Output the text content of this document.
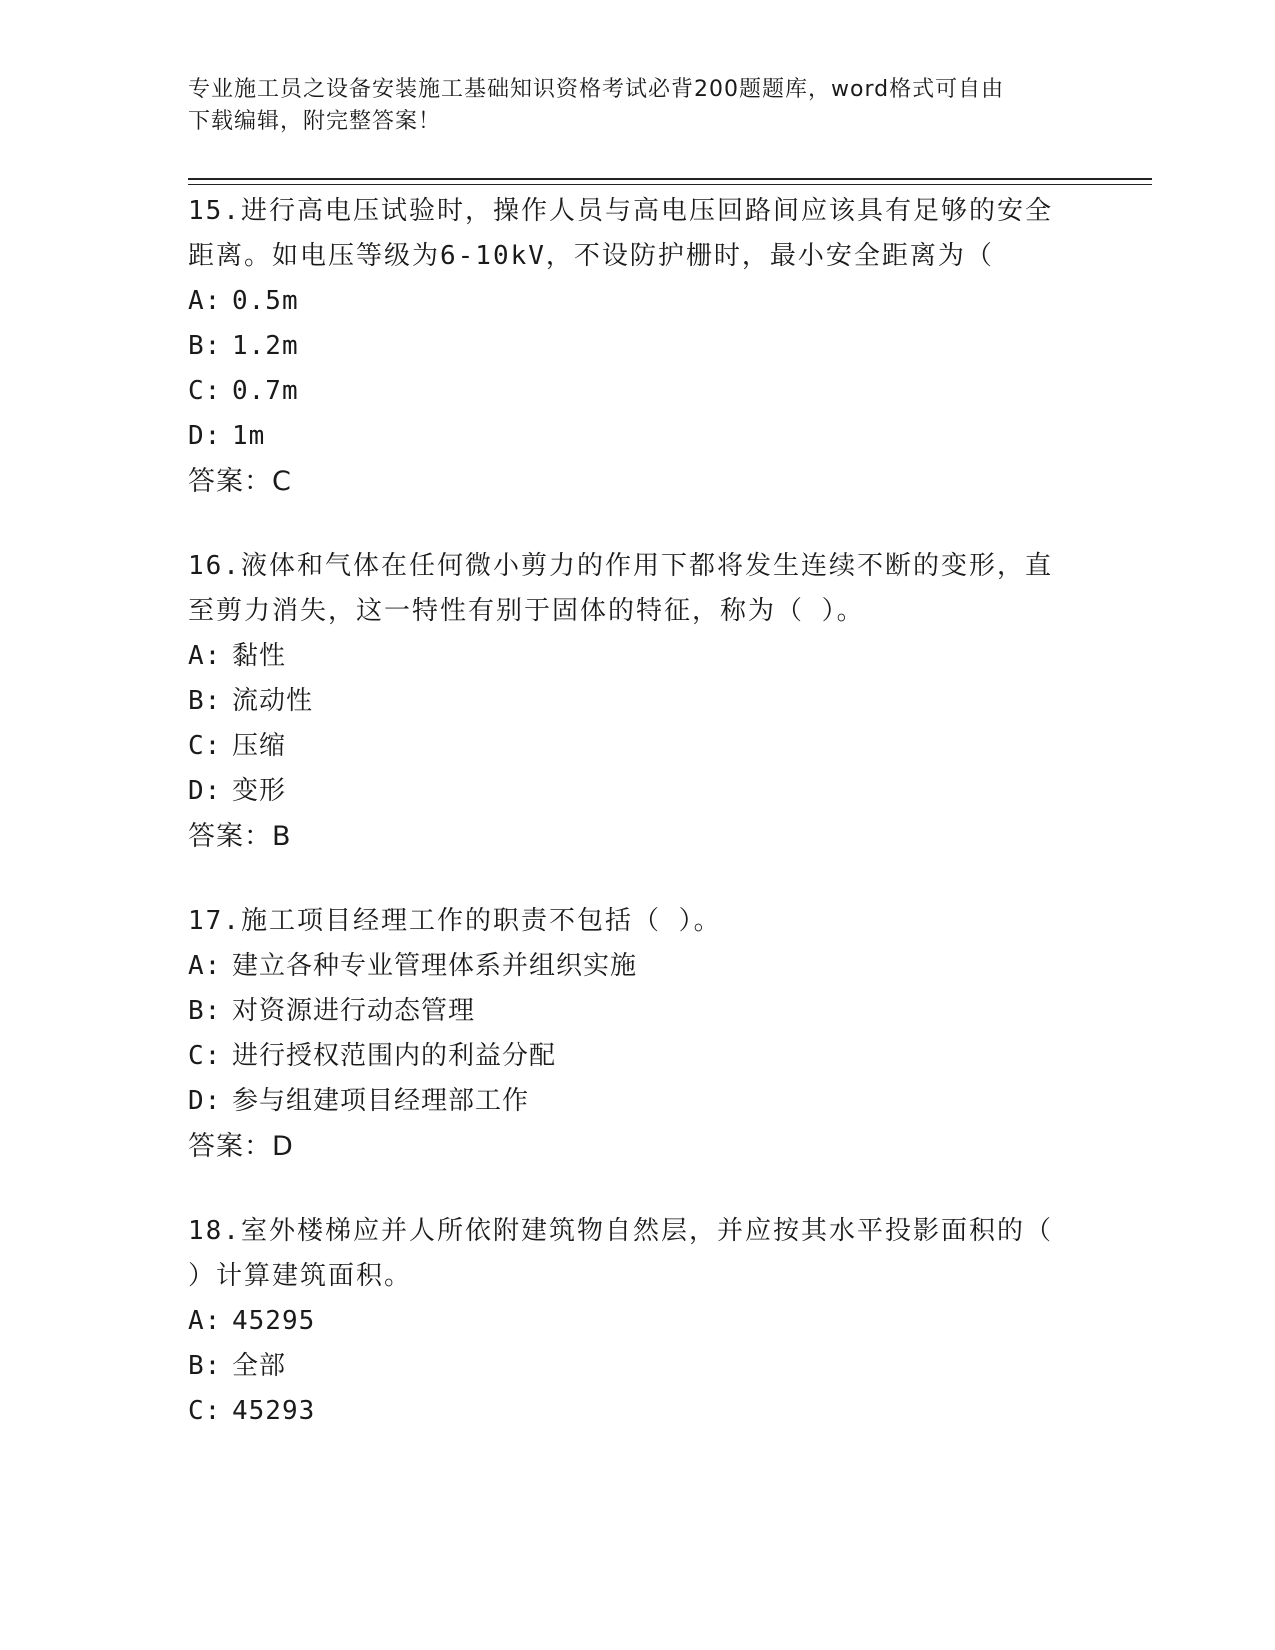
专业施工员之设备安装施工基础知识资格考试必背200题题库，word格式可自由
下载编辑，附完整答案！

15.进行高电压试验时，操作人员与高电压回路间应该具有足够的安全距离。如电压等级为6-10kV，不设防护栅时，最小安全距离为（

A: 0.5m

B: 1.2m

C: 0.7m

D: 1m

答案：C

16.液体和气体在任何微小剪力的作用下都将发生连续不断的变形，直至剪力消失，这一特性有别于固体的特征，称为（ ）。

A: 黏性

B: 流动性

C: 压缩

D: 变形

答案：B

17.施工项目经理工作的职责不包括（ ）。

A: 建立各种专业管理体系并组织实施

B: 对资源进行动态管理

C: 进行授权范围内的利益分配

D: 参与组建项目经理部工作

答案：D

18.室外楼梯应并人所依附建筑物自然层，并应按其水平投影面积的（ ）计算建筑面积。

A: 45295

B: 全部

C: 45293
